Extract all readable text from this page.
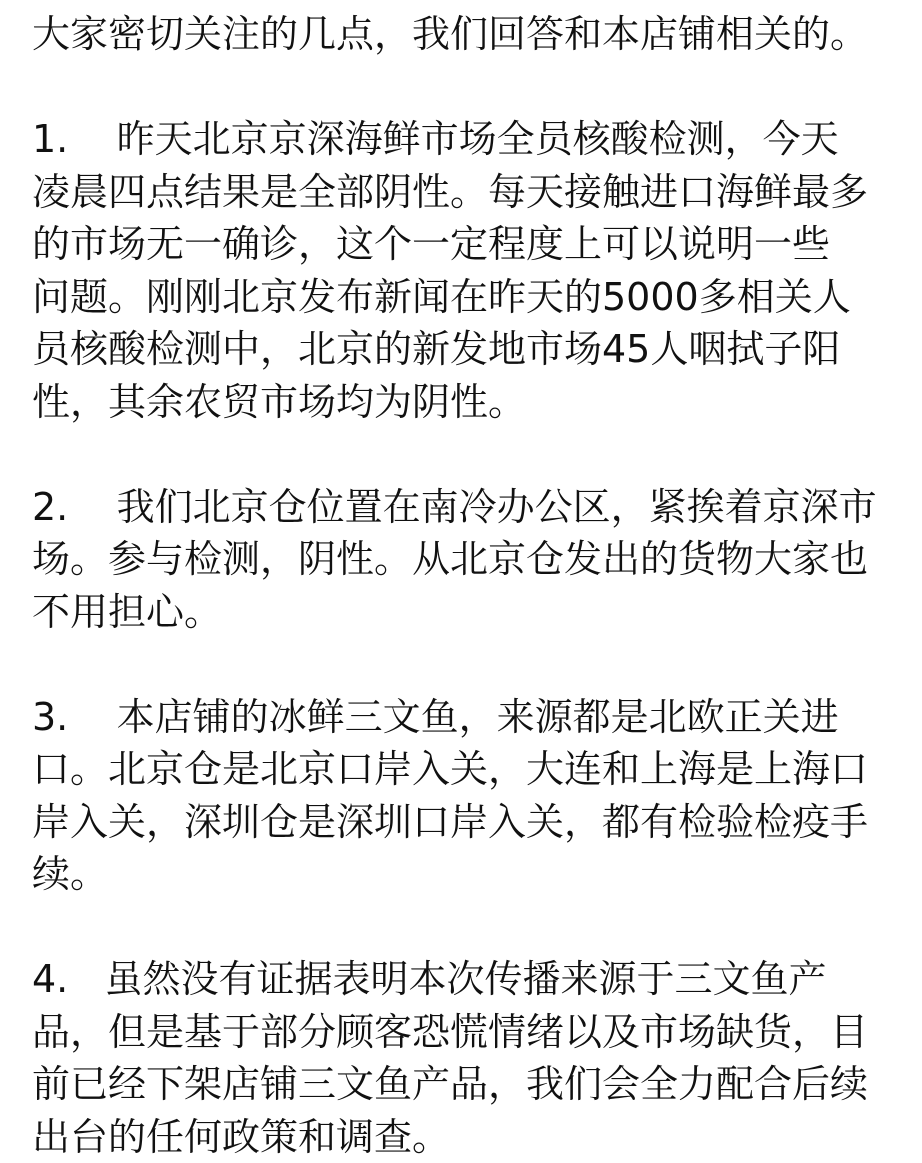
大家密切关注的几点，我们回答和本店铺相关的。
1.    昨天北京京深海鲜市场全员核酸检测，今天
凌晨四点结果是全部阴性。每天接触进口海鲜最多
的市场无一确诊，这个一定程度上可以说明一些
问题。刚刚北京发布新闻在昨天的5000多相关人
员核酸检测中，北京的新发地市场45人咽拭子阳
性，其余农贸市场均为阴性。
2.    我们北京仓位置在南冷办公区，紧挨着京深市
场。参与检测，阴性。从北京仓发出的货物大家也
不用担心。
3.    本店铺的冰鲜三文鱼，来源都是北欧正关进
口。北京仓是北京口岸入关，大连和上海是上海口
岸入关，深圳仓是深圳口岸入关，都有检验检疫手
续。
4.   虽然没有证据表明本次传播来源于三文鱼产
品，但是基于部分顾客恐慌情绪以及市场缺货，目
前已经下架店铺三文鱼产品，我们会全力配合后续
出台的任何政策和调查。
